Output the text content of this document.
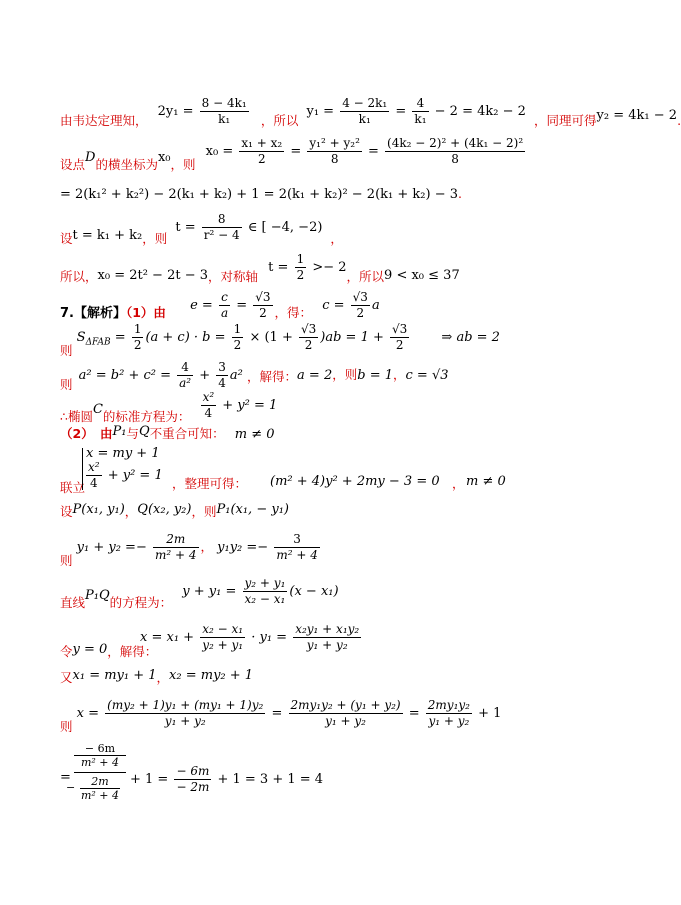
由韦达定理知， $2y_1 = \frac{\text{8 − 4k₁}}{\text{k₁}}$ ，所以 $y_1 = \frac{\text{4 − 2k₁}}{\text{k₁}} = \frac{4}{\text{k₁}} - 2 = 4k_2 - 2$ ，同理可得y₂ = 4k₁ − 2.
设点D的横坐标为x₀，则 $x_0 = \frac{\text{x₁ + x₂}}{2} = \frac{\text{y₁² + y₂²}}{8} = \frac{\text{(4k₂ − 2)² + (4k₁ − 2)²}}{8}$
= 2(k₁² + k₂²) − 2(k₁ + k₂) + 1 = 2(k₁ + k₂)² − 2(k₁ + k₂) − 3.
设t = k₁ + k₂，则 $t = \frac{8}{\text{r² − 4}}$ ∈ [ −4, −2)，
所以，x₀ = 2t² − 2t − 3，对称轴 $t = \frac{1}{2} >- 2$，所以9 < x₀ ≤ 37
7.【解析】（1）由 $e = \frac{c}{a} = \frac{√3}{2}$ ，得： $c = \frac{√3}{2}$ a
则 $S_{\Delta FAB} = \frac{1}{2} (a + c) \cdot b = \frac{1}{2} \times (1 + \frac{√3}{2} )ab = 1 + \frac{√3}{2}$ ⇒ ab = 2
则 $a^2 = b^2 + c^2 = \frac{4}{\text{a²}} + \frac{3}{4} a^2$ ，解得：a = 2，则b = 1，c = √3
∴椭圆C的标准方程为： $\frac{\text{x²}}{4} + y^2 = 1$
（2）　由P₁与Q不重合可知： m ≠ 0
联立
x = my + 1
$\frac{\text{x²}}{4} + y^2 = 1$
，整理可得： (m² + 4)y² + 2my − 3 = 0 ， m ≠ 0
设P(x₁, y₁)，Q(x₂, y₂)，则P₁(x₁, − y₁)
则 $y_1 + y_2 =- \frac{2m}{\text{m² + 4}}$ ， $y_1y_2 =- \frac{3}{\text{m² + 4}}$
直线P₁Q的方程为： $y + y_1 = \frac{\text{y₂ + y₁}}{\text{x₂ − x₁}} (x - x_1)$
$x = x_1 + \frac{\text{x₂ − x₁}}{\text{y₂ + y₁}} \cdot y_1 = \frac{\text{x₂y₁ + x₁y₂}}{\text{y₁ + y₂}}$
令y = 0，解得：
又x₁ = my₁ + 1，x₂ = my₂ + 1
则 $x = \frac{\text{(my₂ + 1)y₁ + (my₁ + 1)y₂}}{\text{y₁ + y₂}} = \frac{\text{2my₁y₂ + (y₁ + y₂)}}{\text{y₁ + y₂}} = \frac{\text{2my₁y₂}}{\text{y₁ + y₂}} + 1$
=
− 6m
m² + 4
−	2m
m² + 4
+ $1 = \frac{- 6m}{- 2m} + 1 = 3 + 1 = 4$
